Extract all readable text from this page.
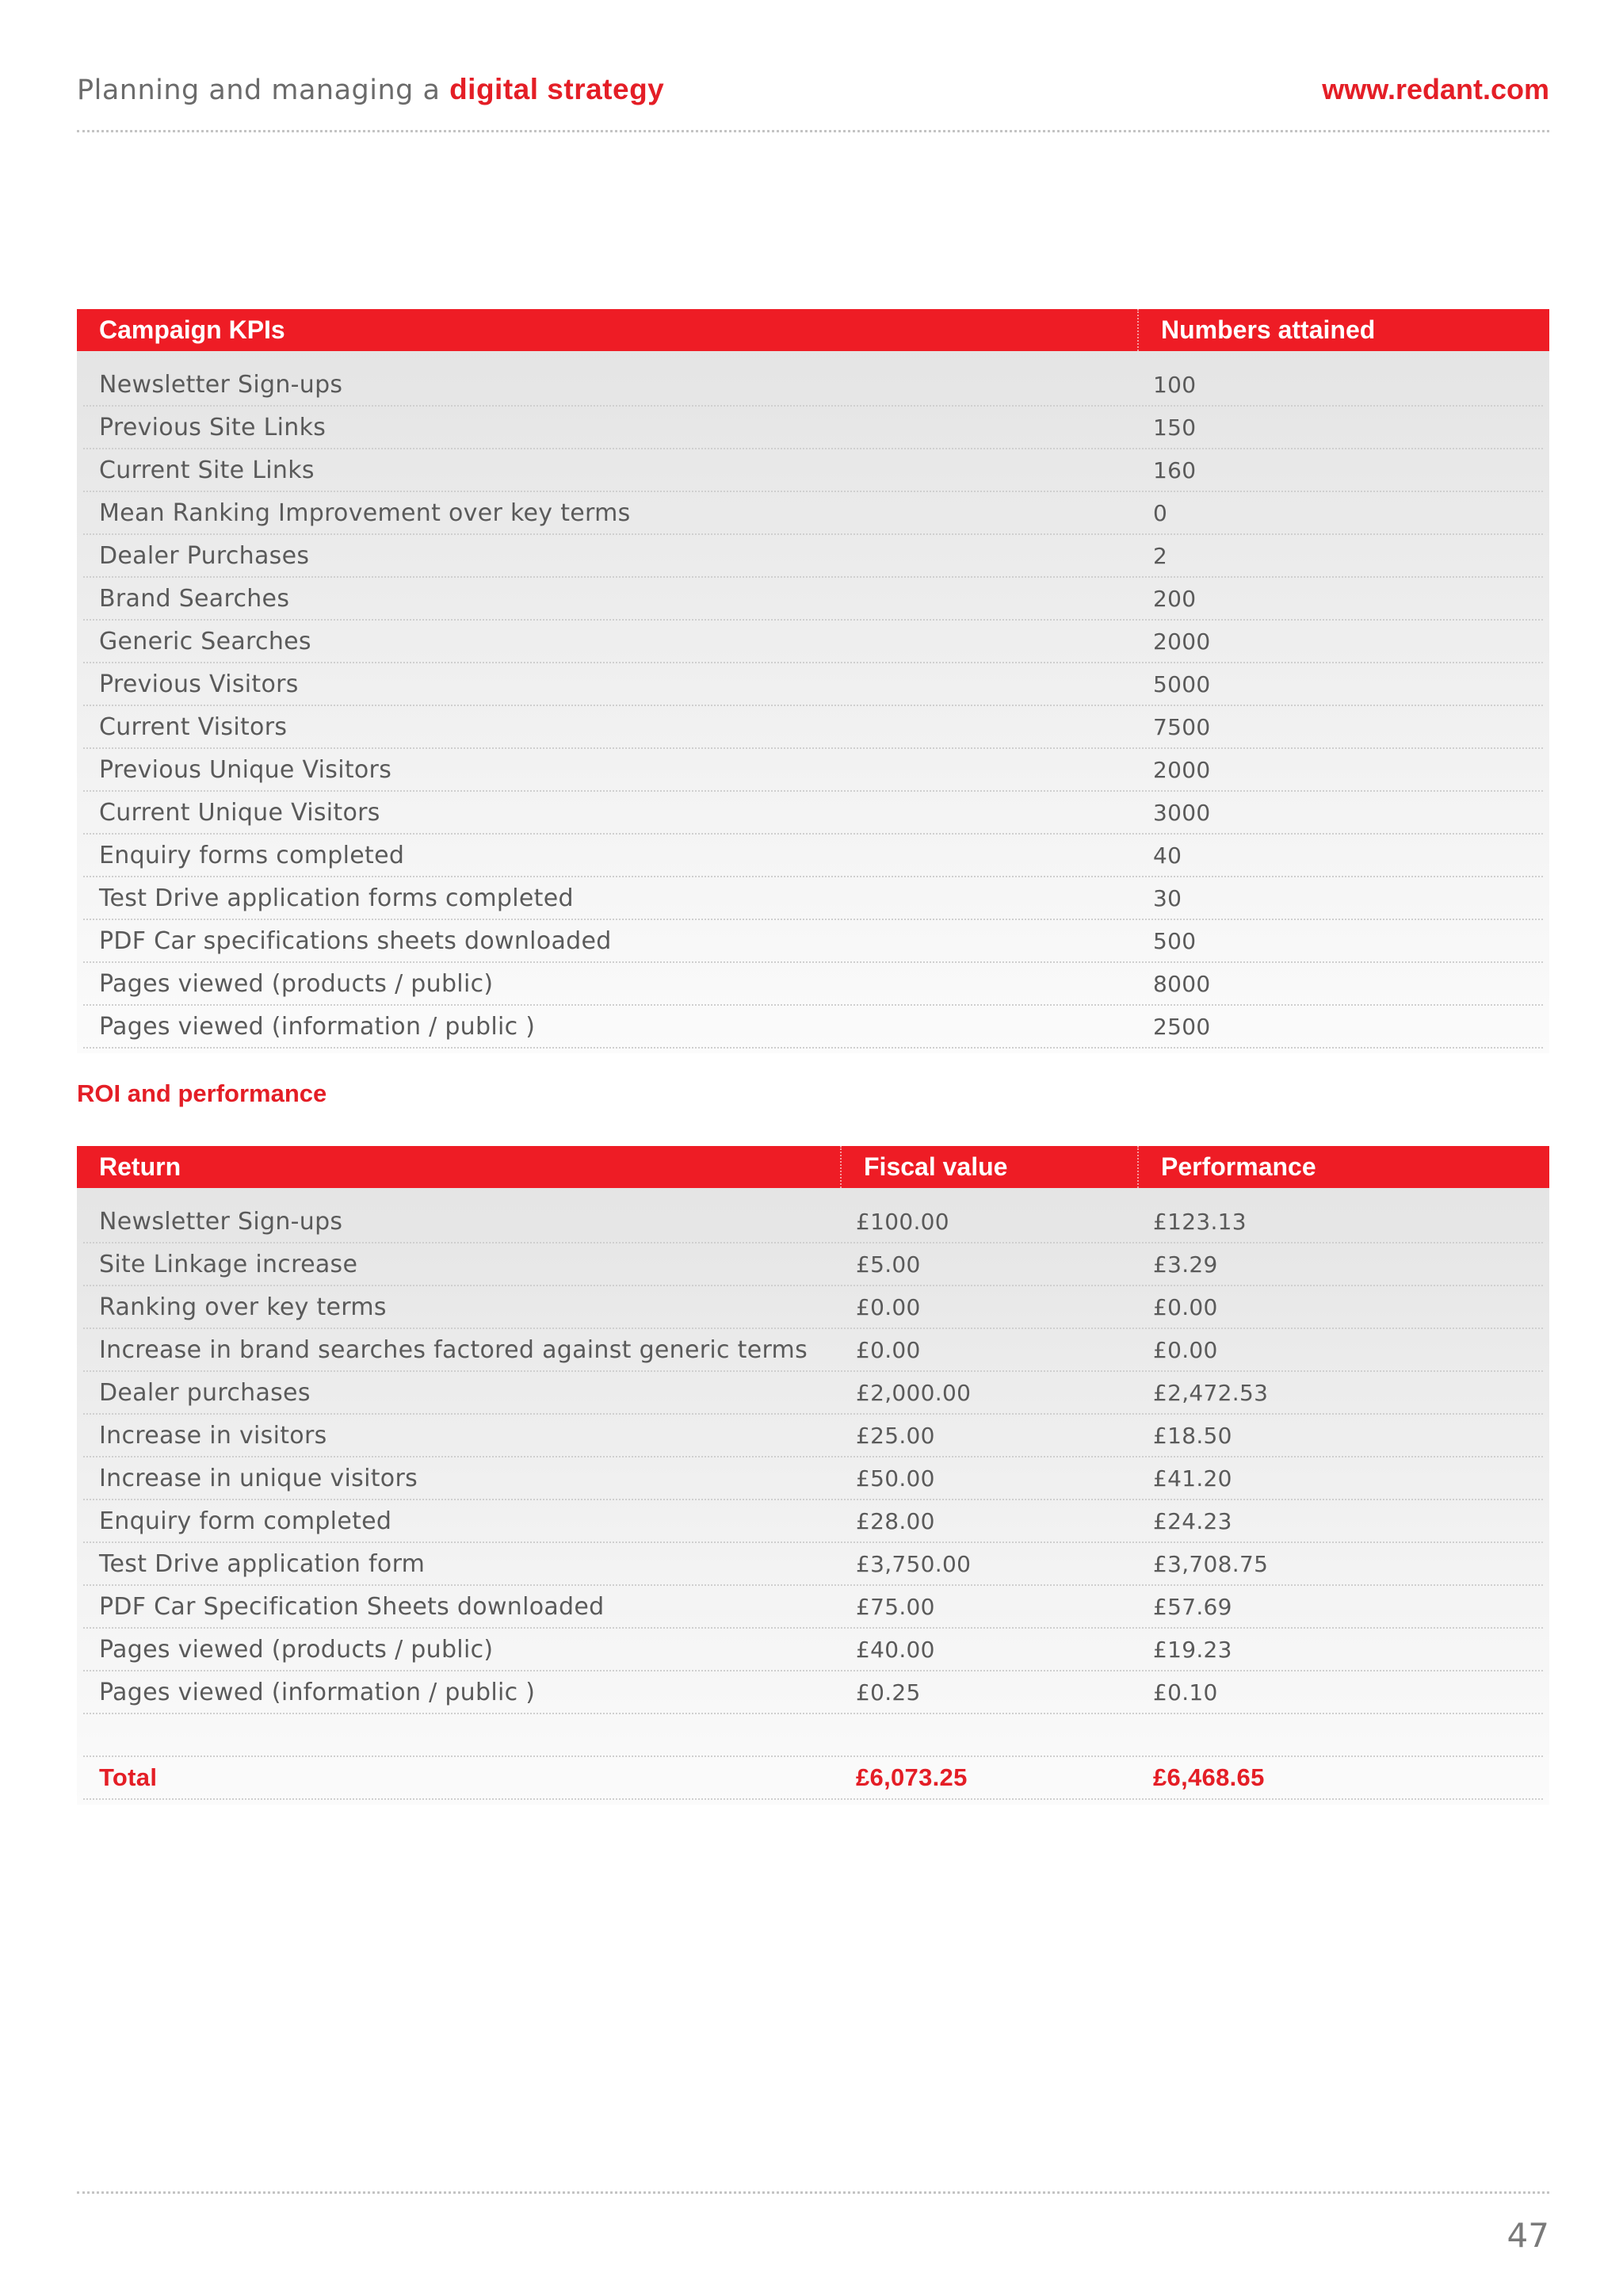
Planning and managing a digital strategy	www.redant.com
Campaign KPIs	Numbers attained
Newsletter Sign-ups	100
Previous Site Links	150
Current Site Links	160
Mean Ranking Improvement over key terms	0
Dealer Purchases	2
Brand Searches	200
Generic Searches	2000
Previous Visitors	5000
Current Visitors	7500
Previous Unique Visitors	2000
Current Unique Visitors	3000
Enquiry forms completed	40
Test Drive application forms completed	30
PDF Car specifications sheets downloaded	500
Pages viewed (products / public)	8000
Pages viewed (information / public )	2500
ROI and performance
Return	Fiscal value	Performance
Newsletter Sign-ups	£100.00	£123.13
Site Linkage increase	£5.00	£3.29
Ranking over key terms	£0.00	£0.00
Increase in brand searches factored against generic terms	£0.00	£0.00
Dealer purchases	£2,000.00	£2,472.53
Increase in visitors	£25.00	£18.50
Increase in unique visitors	£50.00	£41.20
Enquiry form completed	£28.00	£24.23
Test Drive application form	£3,750.00	£3,708.75
PDF Car Specification Sheets downloaded	£75.00	£57.69
Pages viewed (products / public)	£40.00	£19.23
Pages viewed (information / public )	£0.25	£0.10
Total	£6,073.25	£6,468.65
47
